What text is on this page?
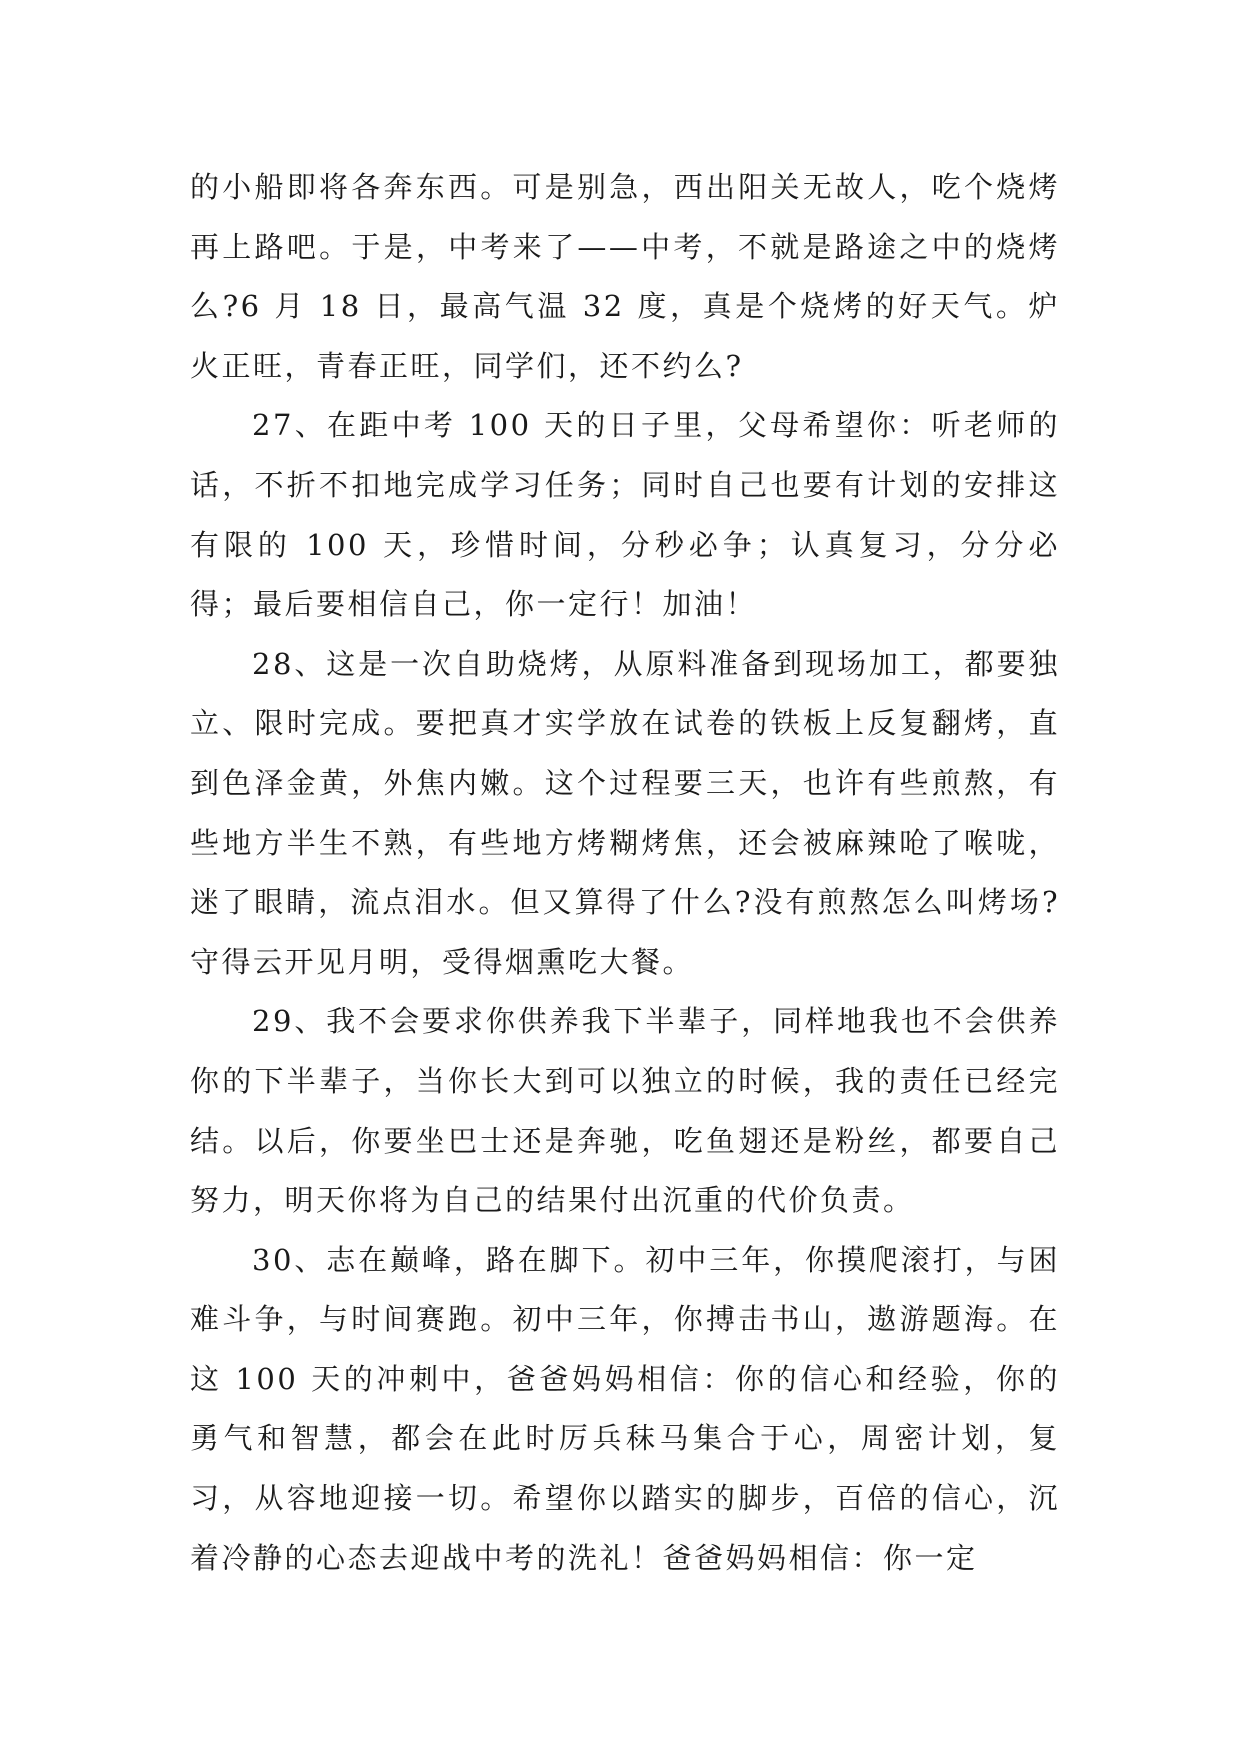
的小船即将各奔东西。可是别急，西出阳关无故人，吃个烧烤再上路吧。于是，中考来了——中考，不就是路途之中的烧烤么?6 月 18 日，最高气温 32 度，真是个烧烤的好天气。炉火正旺，青春正旺，同学们，还不约么?

27、在距中考 100 天的日子里，父母希望你：听老师的话，不折不扣地完成学习任务；同时自己也要有计划的安排这有限的 100 天，珍惜时间，分秒必争；认真复习，分分必得；最后要相信自己，你一定行！加油！

28、这是一次自助烧烤，从原料准备到现场加工，都要独立、限时完成。要把真才实学放在试卷的铁板上反复翻烤，直到色泽金黄，外焦内嫩。这个过程要三天，也许有些煎熬，有些地方半生不熟，有些地方烤糊烤焦，还会被麻辣呛了喉咙，迷了眼睛，流点泪水。但又算得了什么?没有煎熬怎么叫烤场?守得云开见月明，受得烟熏吃大餐。

29、我不会要求你供养我下半辈子，同样地我也不会供养你的下半辈子，当你长大到可以独立的时候，我的责任已经完结。以后，你要坐巴士还是奔驰，吃鱼翅还是粉丝，都要自己努力，明天你将为自己的结果付出沉重的代价负责。

30、志在巅峰，路在脚下。初中三年，你摸爬滚打，与困难斗争，与时间赛跑。初中三年，你搏击书山，遨游题海。在这 100 天的冲刺中，爸爸妈妈相信：你的信心和经验，你的勇气和智慧，都会在此时厉兵秣马集合于心，周密计划，复习，从容地迎接一切。希望你以踏实的脚步，百倍的信心，沉着冷静的心态去迎战中考的洗礼！爸爸妈妈相信：你一定
